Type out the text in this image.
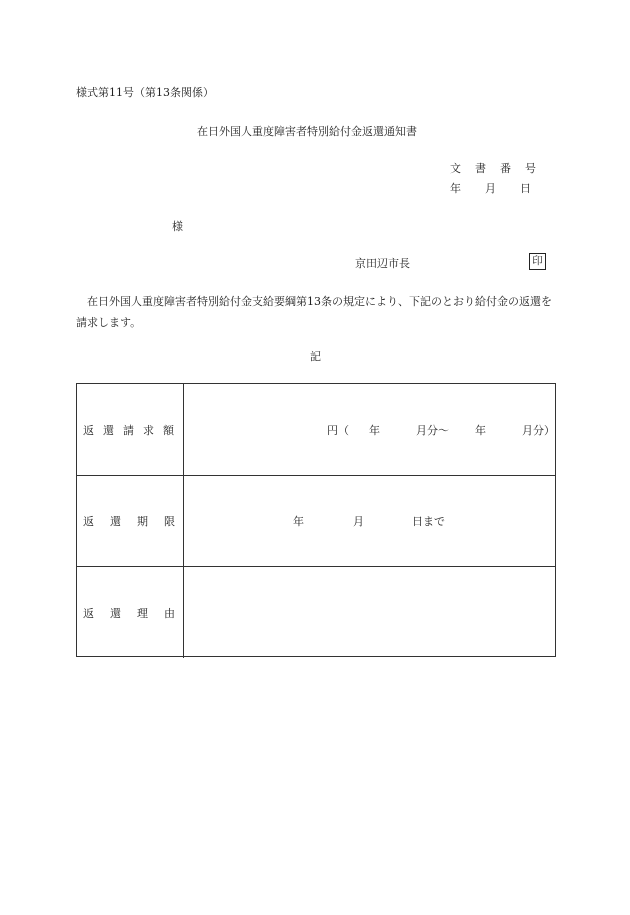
様式第11号（第13条関係）
在日外国人重度障害者特別給付金返還通知書
文 書 番 号
年 月 日
様
京田辺市長	印
在日外国人重度障害者特別給付金支給要綱第13条の規定により、下記のとおり給付金の返還を請求します。
記
返 還 請 求 額	円（ 年	月分～ 年	月分）
返 還 期 限	年	月	日まで
返 還 理 由
